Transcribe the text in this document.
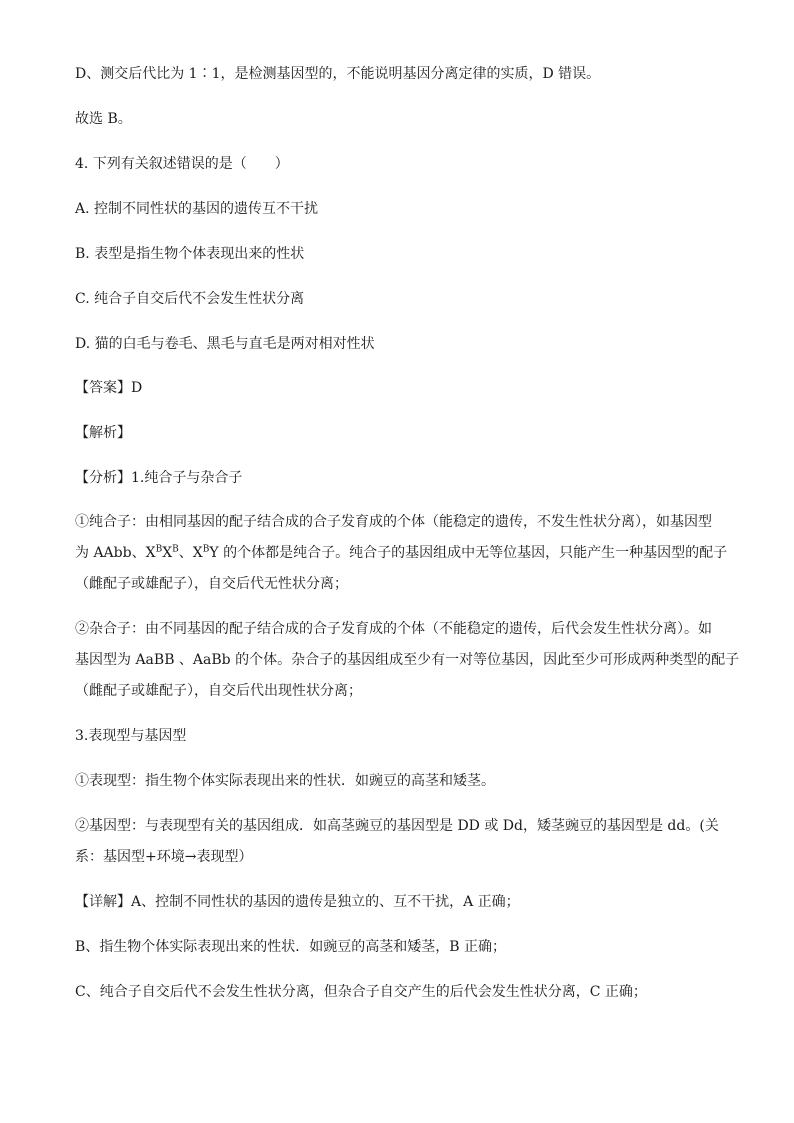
D、测交后代比为 1∶1，是检测基因型的，不能说明基因分离定律的实质，D 错误。
故选 B。
4. 下列有关叙述错误的是（　　）
A. 控制不同性状的基因的遗传互不干扰
B. 表型是指生物个体表现出来的性状
C. 纯合子自交后代不会发生性状分离
D. 猫的白毛与卷毛、黑毛与直毛是两对相对性状
【答案】D
【解析】
【分析】1.纯合子与杂合子
①纯合子：由相同基因的配子结合成的合子发育成的个体（能稳定的遗传，不发生性状分离），如基因型
为 AAbb、$X^BX^B$、$X^BY$ 的个体都是纯合子。纯合子的基因组成中无等位基因，只能产生一种基因型的配子
（雌配子或雄配子），自交后代无性状分离；
②杂合子：由不同基因的配子结合成的合子发育成的个体（不能稳定的遗传，后代会发生性状分离）。如
基因型为 AaBB 、AaBb 的个体。杂合子的基因组成至少有一对等位基因，因此至少可形成两种类型的配子
（雌配子或雄配子），自交后代出现性状分离；
3.表现型与基因型
①表现型：指生物个体实际表现出来的性状．如豌豆的高茎和矮茎。
②基因型：与表现型有关的基因组成．如高茎豌豆的基因型是 DD 或 Dd，矮茎豌豆的基因型是 dd。(关
系：基因型+环境→表现型）
【详解】A、控制不同性状的基因的遗传是独立的、互不干扰，A 正确；
B、指生物个体实际表现出来的性状．如豌豆的高茎和矮茎，B 正确；
C、纯合子自交后代不会发生性状分离，但杂合子自交产生的后代会发生性状分离，C 正确；
